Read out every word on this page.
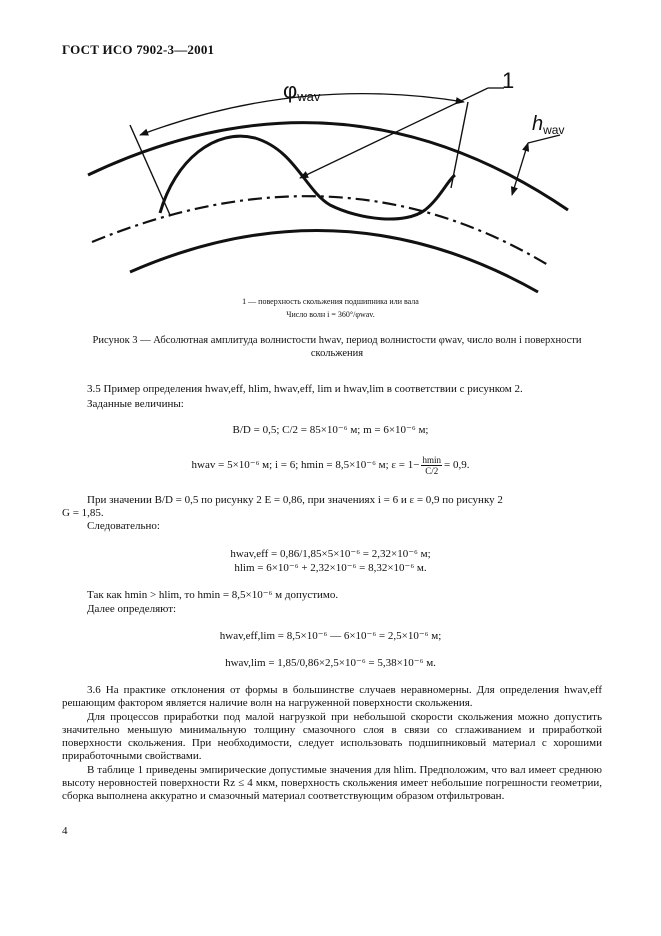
ГОСТ ИСО 7902-3—2001
φwav
1
$h_{wav}$
1 — поверхность скольжения подшипника или вала
Число волн i = 360°/φwav.
Рисунок 3 — Абсолютная амплитуда волнистости hwav, период волнистости φwav, число волн i поверхности
скольжения
3.5 Пример определения hwav,eff, hlim, hwav,eff, lim и hwav,lim в соответствии с рисунком 2.
Заданные величины:
B/D = 0,5; C/2 = 85×10⁻⁶ м; m = 6×10⁻⁶ м;
hwav = 5×10⁻⁶ м; i = 6; hmin = 8,5×10⁻⁶ м; $\varepsilon = 1- \frac{hmin}{C/2} = 0,9$.
При значении B/D = 0,5 по рисунку 2 E = 0,86, при значениях i = 6 и ε = 0,9 по рисунку 2
G = 1,85.
Следовательно:
hwav,eff = 0,86/1,85×5×10⁻⁶ = 2,32×10⁻⁶ м;
hlim = 6×10⁻⁶ + 2,32×10⁻⁶ = 8,32×10⁻⁶ м.
Так как hmin > hlim, то hmin = 8,5×10⁻⁶ м допустимо.
Далее определяют:
hwav,eff,lim = 8,5×10⁻⁶ — 6×10⁻⁶ = 2,5×10⁻⁶ м;
hwav,lim = 1,85/0,86×2,5×10⁻⁶ = 5,38×10⁻⁶ м.
3.6 На практике отклонения от формы в большинстве случаев неравномерны. Для определения hwav,eff решающим фактором является наличие волн на нагруженной поверхности скольжения.
Для процессов приработки под малой нагрузкой при небольшой скорости скольжения можно допустить значительно меньшую минимальную толщину смазочного слоя в связи со сглаживанием и приработкой поверхности скольжения. При необходимости, следует использовать подшипниковый материал с хорошими приработочными свойствами.
В таблице 1 приведены эмпирические допустимые значения для hlim. Предположим, что вал имеет среднюю высоту неровностей поверхности Rz ≤ 4 мкм, поверхность скольжения имеет небольшие погрешности геометрии, сборка выполнена аккуратно и смазочный материал соответствующим образом отфильтрован.
4
